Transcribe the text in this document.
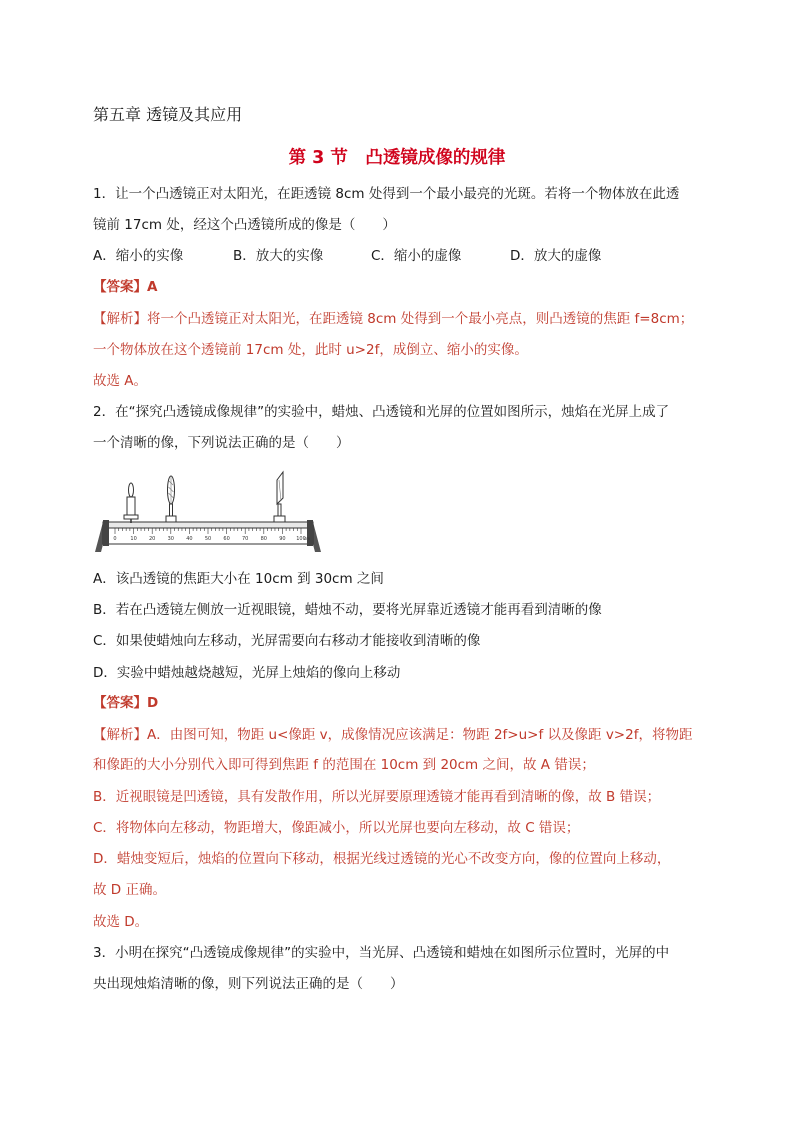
第五章 透镜及其应用
第 3 节　凸透镜成像的规律
1．让一个凸透镜正对太阳光，在距透镜 8cm 处得到一个最小最亮的光斑。若将一个物体放在此透
镜前 17cm 处，经这个凸透镜所成的像是（　　）
A．缩小的实像	B．放大的实像	C．缩小的虚像	D．放大的虚像
【答案】A
【解析】将一个凸透镜正对太阳光，在距透镜 8cm 处得到一个最小亮点，则凸透镜的焦距 f=8cm；
一个物体放在这个透镜前 17cm 处，此时 u>2f，成倒立、缩小的实像。
故选 A。
2．在“探究凸透镜成像规律”的实验中，蜡烛、凸透镜和光屏的位置如图所示，烛焰在光屏上成了
一个清晰的像，下列说法正确的是（　　）
0	10 20 30 40 50 60 70 80 90 100
cm
A．该凸透镜的焦距大小在 10cm 到 30cm 之间
B．若在凸透镜左侧放一近视眼镜，蜡烛不动，要将光屏靠近透镜才能再看到清晰的像
C．如果使蜡烛向左移动，光屏需要向右移动才能接收到清晰的像
D．实验中蜡烛越烧越短，光屏上烛焰的像向上移动
【答案】D
【解析】A．由图可知，物距 u<像距 v，成像情况应该满足：物距 2f>u>f 以及像距 v>2f，将物距
和像距的大小分别代入即可得到焦距 f 的范围在 10cm 到 20cm 之间，故 A 错误；
B．近视眼镜是凹透镜，具有发散作用，所以光屏要原理透镜才能再看到清晰的像，故 B 错误；
C．将物体向左移动，物距增大，像距减小，所以光屏也要向左移动，故 C 错误；
D．蜡烛变短后，烛焰的位置向下移动，根据光线过透镜的光心不改变方向，像的位置向上移动，
故 D 正确。
故选 D。
3．小明在探究“凸透镜成像规律”的实验中，当光屏、凸透镜和蜡烛在如图所示位置时，光屏的中
央出现烛焰清晰的像，则下列说法正确的是（　　）
